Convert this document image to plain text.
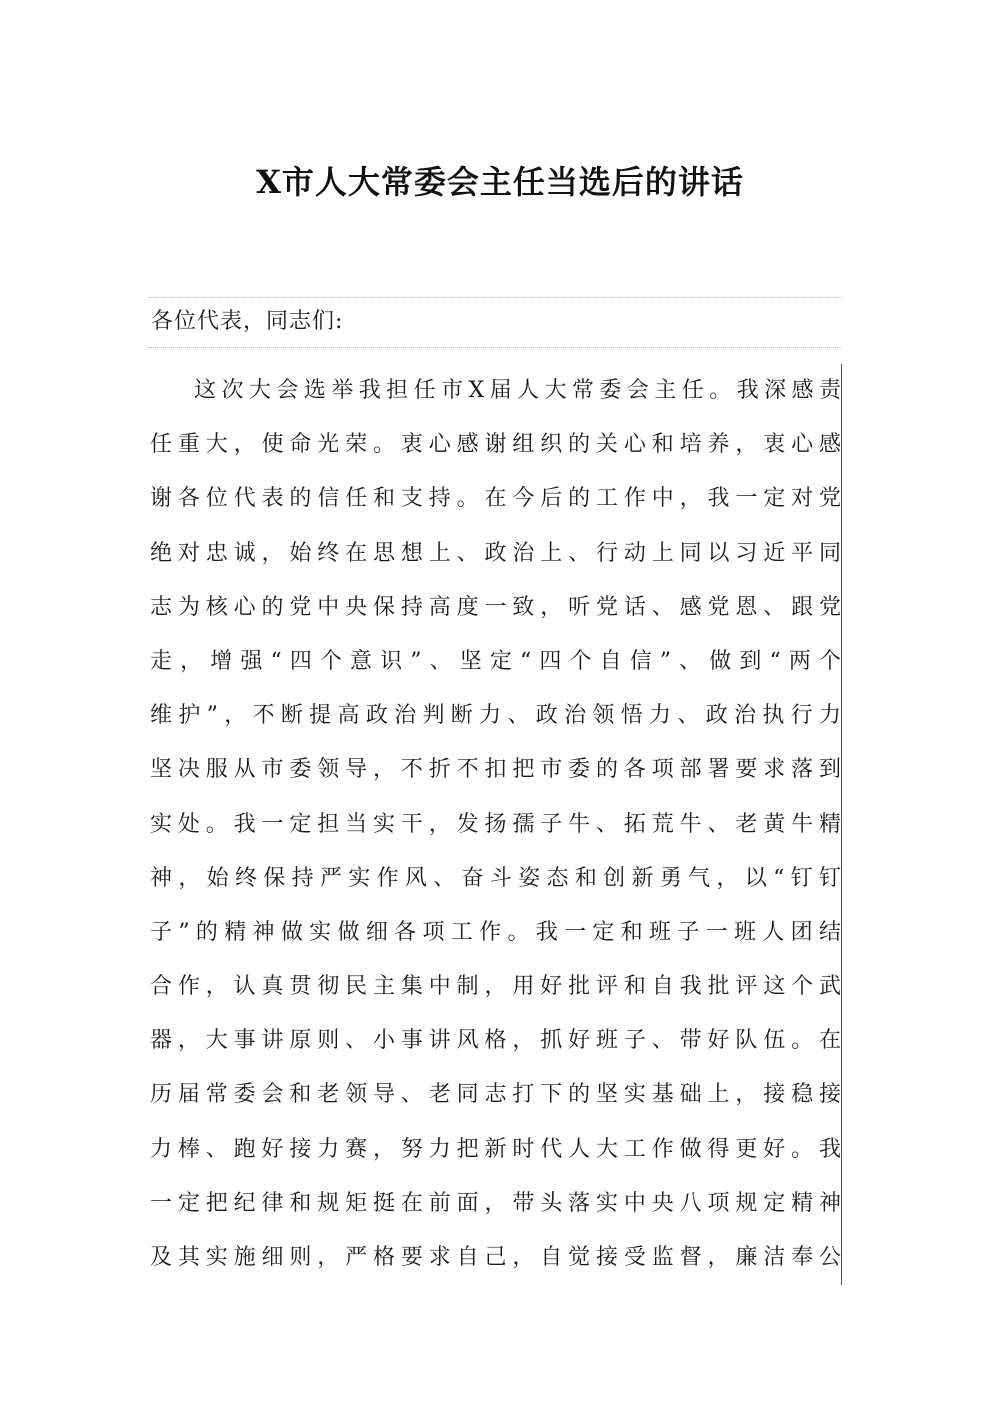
X市人大常委会主任当选后的讲话
各位代表，同志们:
这次大会选举我担任市X届人大常委会主任。我深感责
任重大，使命光荣。衷心感谢组织的关心和培养，衷心感
谢各位代表的信任和支持。在今后的工作中，我一定对党
绝对忠诚，始终在思想上、政治上、行动上同以习近平同
志为核心的党中央保持高度一致，听党话、感党恩、跟党
走，增强“四个意识”、坚定“四个自信”、做到“两个
维护”，不断提高政治判断力、政治领悟力、政治执行力
坚决服从市委领导，不折不扣把市委的各项部署要求落到
实处。我一定担当实干，发扬孺子牛、拓荒牛、老黄牛精
神，始终保持严实作风、奋斗姿态和创新勇气，以“钉钉
子”的精神做实做细各项工作。我一定和班子一班人团结
合作，认真贯彻民主集中制，用好批评和自我批评这个武
器，大事讲原则、小事讲风格，抓好班子、带好队伍。在
历届常委会和老领导、老同志打下的坚实基础上，接稳接
力棒、跑好接力赛，努力把新时代人大工作做得更好。我
一定把纪律和规矩挺在前面，带头落实中央八项规定精神
及其实施细则，严格要求自己，自觉接受监督，廉洁奉公
